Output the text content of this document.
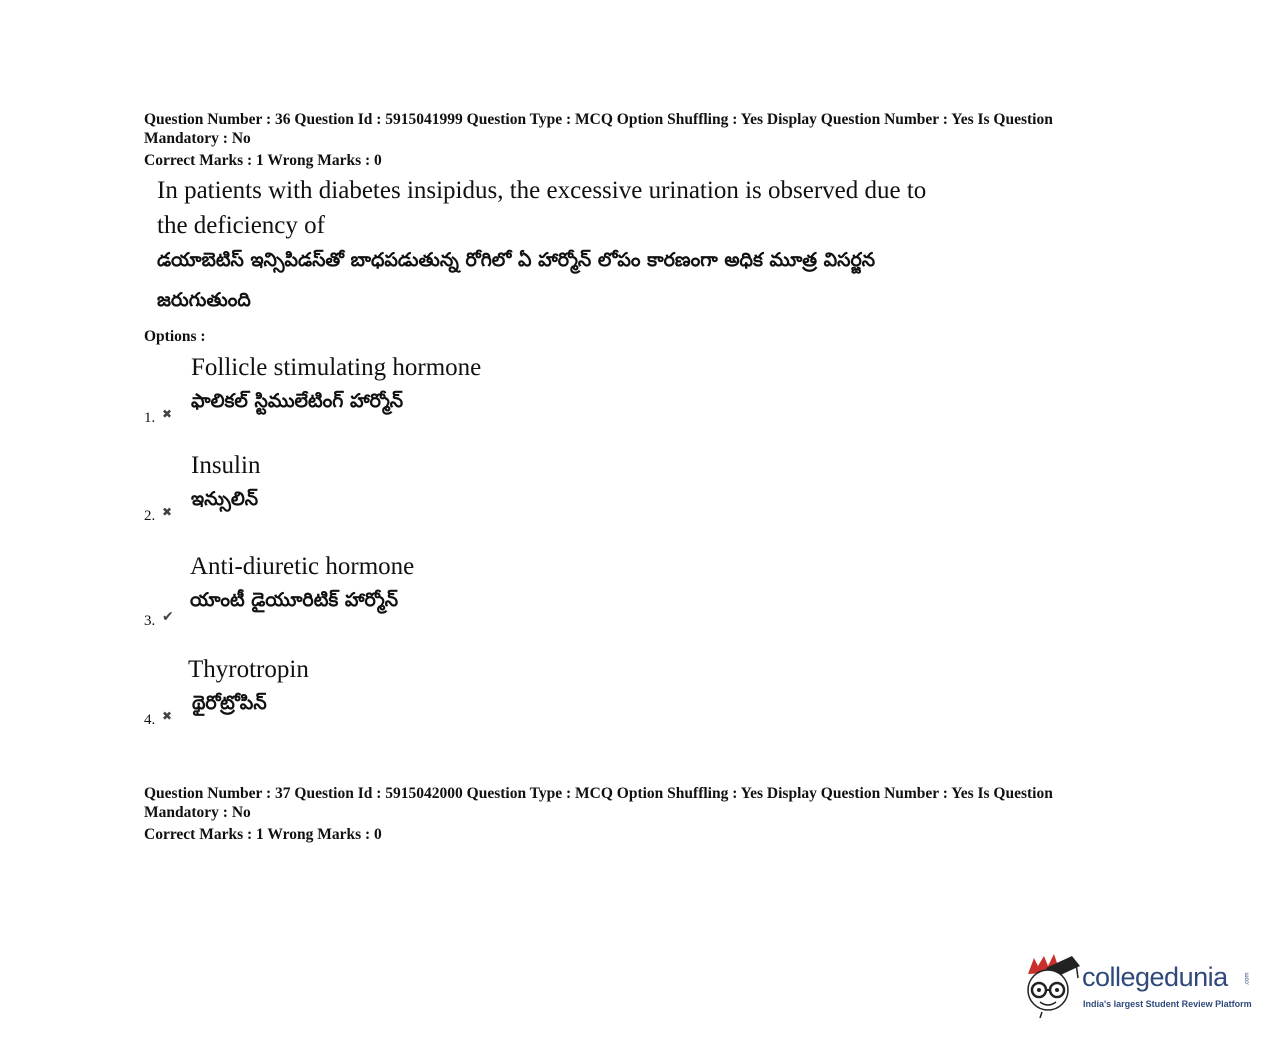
Question Number : 36 Question Id : 5915041999 Question Type : MCQ Option Shuffling : Yes Display Question Number : Yes Is Question
Mandatory : No
Correct Marks : 1 Wrong Marks : 0
In patients with diabetes insipidus, the excessive urination is observed due to
the deficiency of
డయాబెటిస్ ఇన్సిపిడస్‌తో బాధపడుతున్న రోగిలో ఏ హార్మోన్ లోపం కారణంగా అధిక మూత్ర విసర్జన
జరుగుతుంది
Options :
Follicle stimulating hormone
ఫాలికల్ స్టిములేటింగ్ హార్మోన్
1. ✖
Insulin
ఇన్సులిన్
2. ✖
Anti-diuretic hormone
యాంటీ డైయూరిటిక్ హార్మోన్
3. ✔
Thyrotropin
థైరోట్రోపిన్
4. ✖
Question Number : 37 Question Id : 5915042000 Question Type : MCQ Option Shuffling : Yes Display Question Number : Yes Is Question
Mandatory : No
Correct Marks : 1 Wrong Marks : 0
collegedunia	.com
India's largest Student Review Platform
